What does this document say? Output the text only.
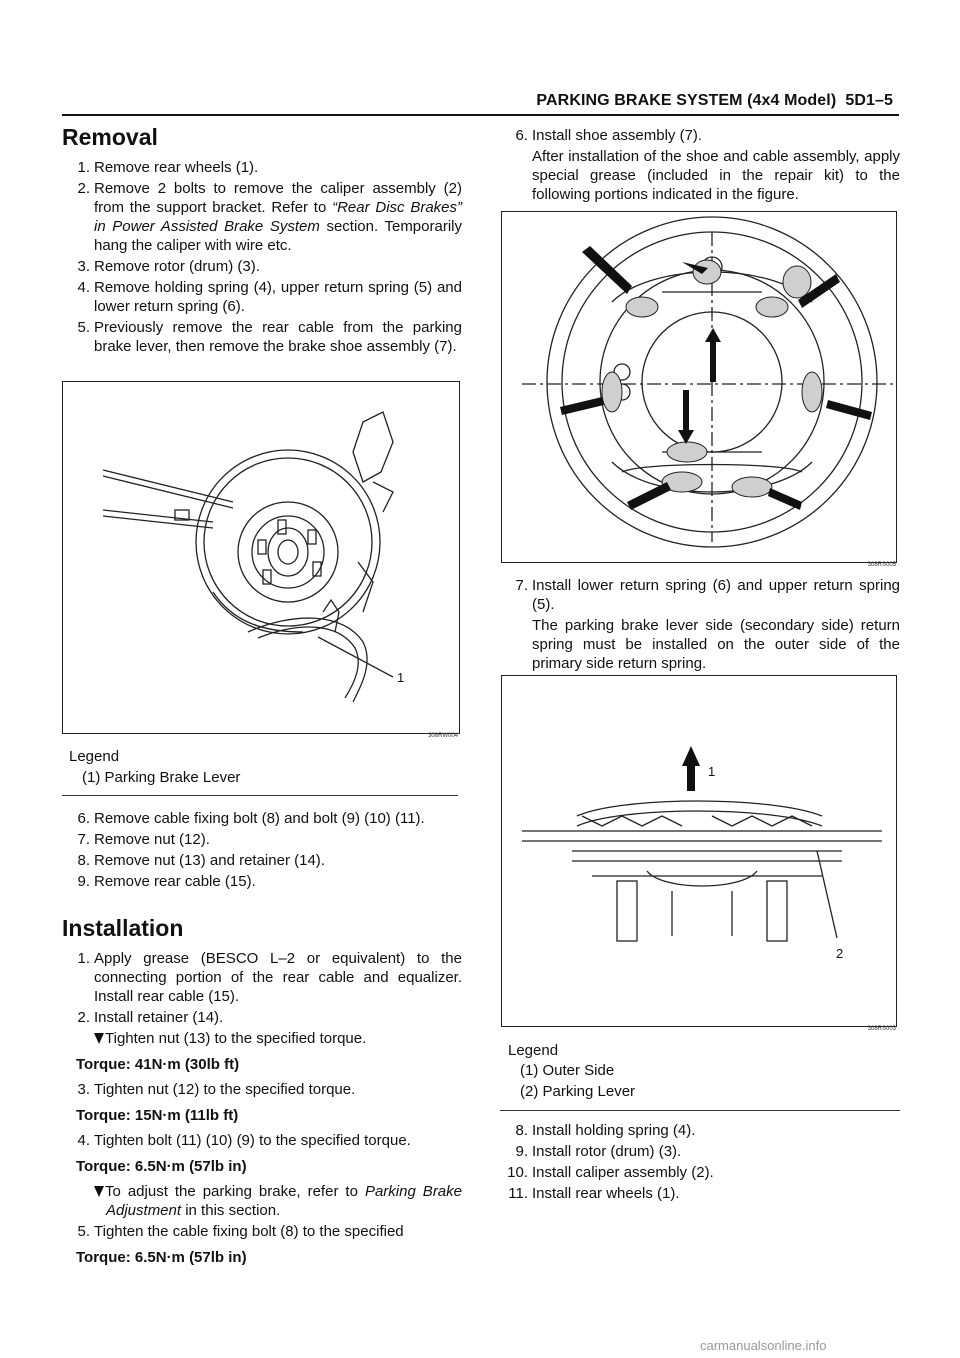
PARKING BRAKE SYSTEM (4x4 Model) 5D1–5
Removal
1. Remove rear wheels (1).
2. Remove 2 bolts to remove the caliper assembly (2) from the support bracket. Refer to “Rear Disc Brakes” in Power Assisted Brake System section. Temporarily hang the caliper with wire etc.
3. Remove rotor (drum) (3).
4. Remove holding spring (4), upper return spring (5) and lower return spring (6).
5. Previously remove the rear cable from the parking brake lever, then remove the brake shoe assembly (7).
1
308RW004
Legend
(1) Parking Brake Lever
6. Remove cable fixing bolt (8) and bolt (9) (10) (11).
7. Remove nut (12).
8. Remove nut (13) and retainer (14).
9. Remove rear cable (15).
Installation
1. Apply grease (BESCO L–2 or equivalent) to the connecting portion of the rear cable and equalizer. Install rear cable (15).
2. Install retainer (14).
Tighten nut (13) to the specified torque.
Torque: 41N·m (30lb ft)
3. Tighten nut (12) to the specified torque.
Torque: 15N·m (11lb ft)
4. Tighten bolt (11) (10) (9) to the specified torque.
Torque: 6.5N·m (57lb in)
To adjust the parking brake, refer to Parking Brake Adjustment in this section.
5. Tighten the cable fixing bolt (8) to the specified
Torque: 6.5N·m (57lb in)
6. Install shoe assembly (7).
After installation of the shoe and cable assembly, apply special grease (included in the repair kit) to the following portions indicated in the figure.
308RS005
7. Install lower return spring (6) and upper return spring (5).
The parking brake lever side (secondary side) return spring must be installed on the outer side of the primary side return spring.
1
2
308RS003
Legend
(1) Outer Side
(2) Parking Lever
8. Install holding spring (4).
9. Install rotor (drum) (3).
10. Install caliper assembly (2).
11. Install rear wheels (1).
carmanualsonline.info
